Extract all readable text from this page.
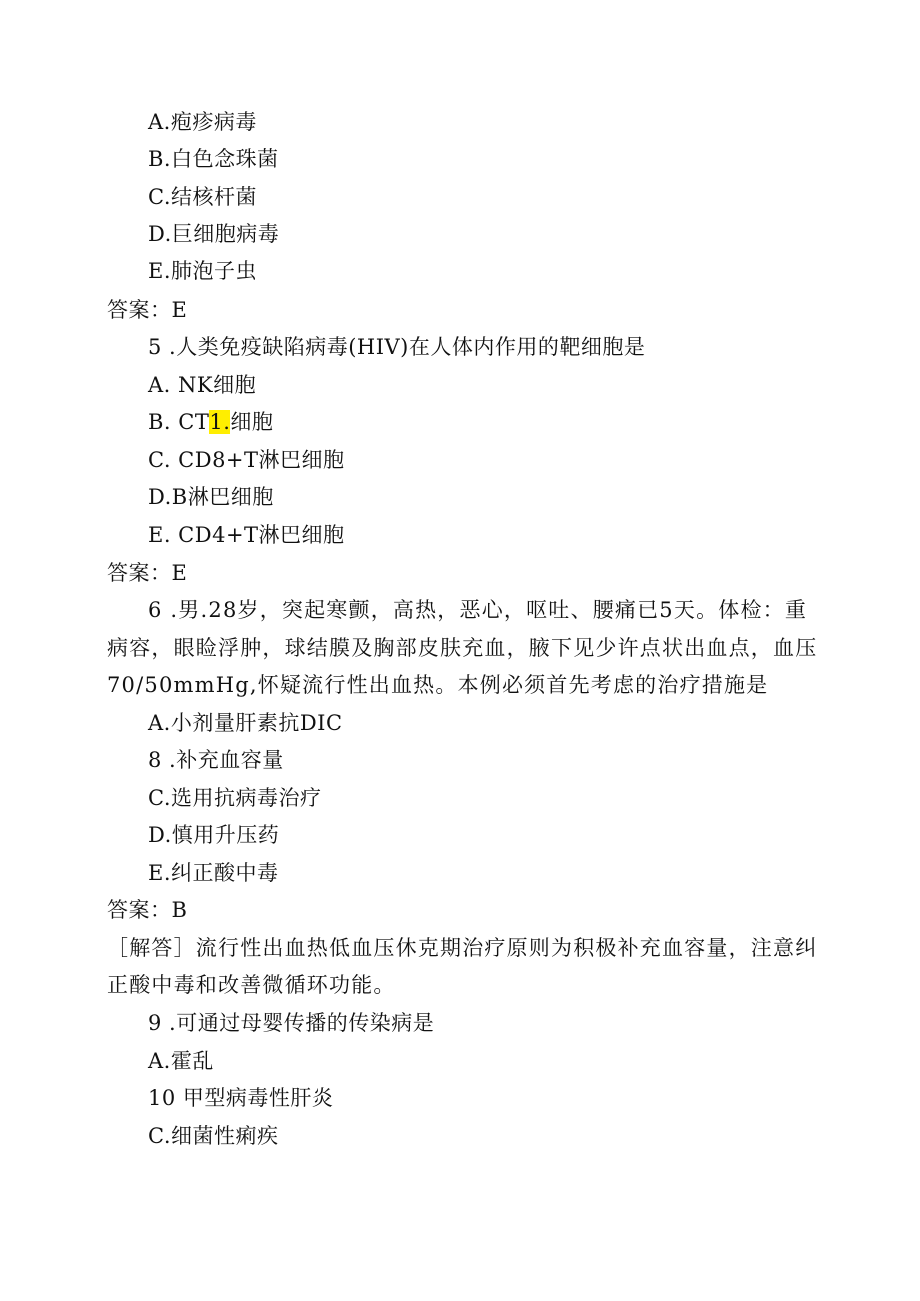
A.疱疹病毒
B.白色念珠菌
C.结核杆菌
D.巨细胞病毒
E.肺泡子虫
答案：E
5 .人类免疫缺陷病毒(HIV)在人体内作用的靶细胞是
A. NK细胞
B. CT1.细胞
C. CD8+T淋巴细胞
D.B淋巴细胞
E. CD4+T淋巴细胞
答案：E
6 .男.28岁，突起寒颤，高热，恶心，呕吐、腰痛已5天。体检：重
病容，眼睑浮肿，球结膜及胸部皮肤充血，腋下见少许点状出血点，血压
70/50mmHg,怀疑流行性出血热。本例必须首先考虑的治疗措施是
A.小剂量肝素抗DIC
8 .补充血容量
C.选用抗病毒治疗
D.慎用升压药
E.纠正酸中毒
答案：B
［解答］流行性出血热低血压休克期治疗原则为积极补充血容量，注意纠
正酸中毒和改善微循环功能。
9 .可通过母婴传播的传染病是
A.霍乱
10 甲型病毒性肝炎
C.细菌性痢疾
